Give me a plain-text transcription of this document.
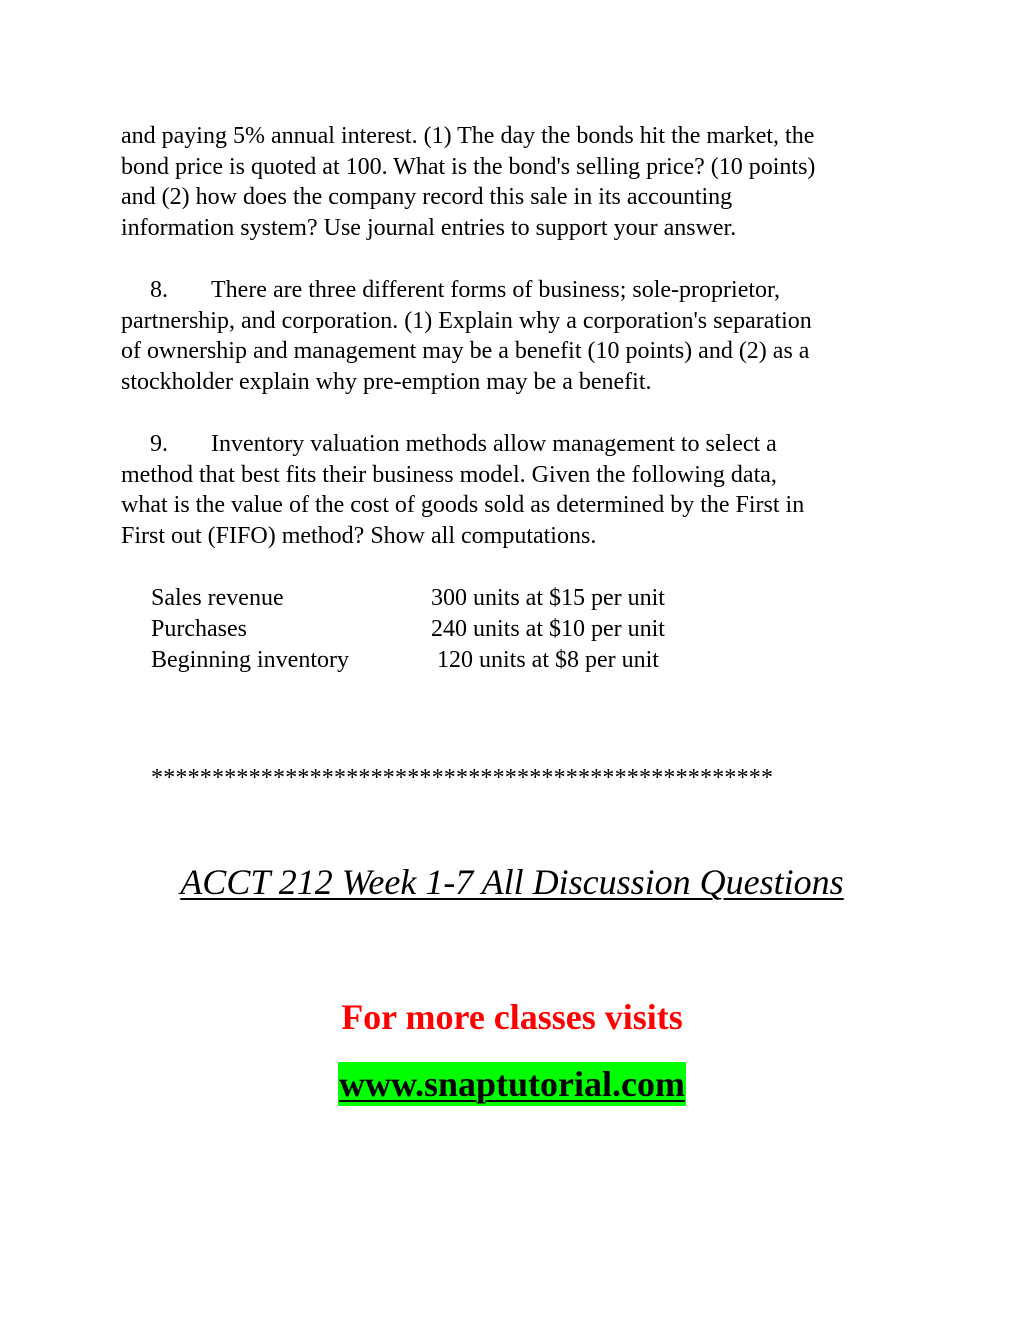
and paying 5% annual interest. (1) The day the bonds hit the market, the
bond price is quoted at 100. What is the bond's selling price? (10 points)
and (2) how does the company record this sale in its accounting
information system? Use journal entries to support your answer.

8. There are three different forms of business; sole-proprietor,
partnership, and corporation. (1) Explain why a corporation's separation
of ownership and management may be a benefit (10 points) and (2) as a
stockholder explain why pre-emption may be a benefit.

9. Inventory valuation methods allow management to select a
method that best fits their business model. Given the following data,
what is the value of the cost of goods sold as determined by the First in
First out (FIFO) method? Show all computations.

Sales revenue	300 units at $15 per unit
Purchases	240 units at $10 per unit
Beginning inventory	120 units at $8 per unit
***************************************************
ACCT 212 Week 1-7 All Discussion Questions
For more classes visits
www.snaptutorial.com
